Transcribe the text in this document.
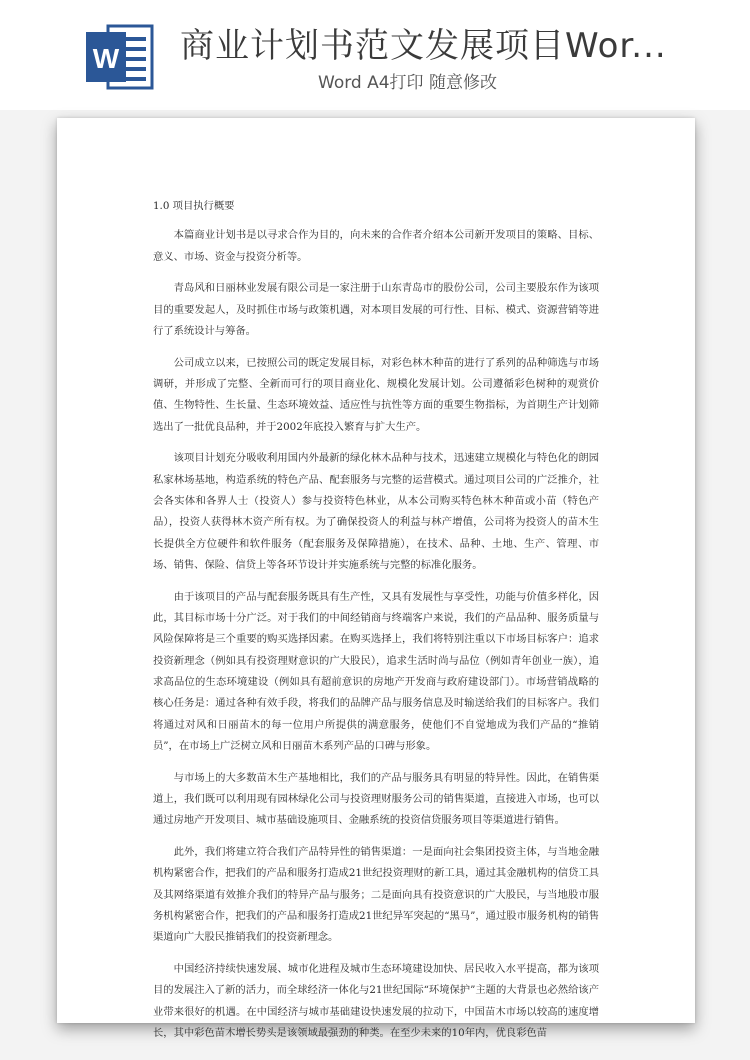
W 商业计划书范文发展项目Wor...
Word A4打印 随意修改
1.0 项目执行概要

本篇商业计划书是以寻求合作为目的，向未来的合作者介绍本公司新开发项目的策略、目标、意义、市场、资金与投资分析等。

青岛风和日丽林业发展有限公司是一家注册于山东青岛市的股份公司，公司主要股东作为该项目的重要发起人，及时抓住市场与政策机遇，对本项目发展的可行性、目标、模式、资源营销等进行了系统设计与筹备。

公司成立以来，已按照公司的既定发展目标，对彩色林木种苗的进行了系列的品种筛选与市场调研，并形成了完整、全新而可行的项目商业化、规模化发展计划。公司遵循彩色树种的观赏价值、生物特性、生长量、生态环境效益、适应性与抗性等方面的重要生物指标，为首期生产计划筛选出了一批优良品种，并于2002年底投入繁育与扩大生产。

该项目计划充分吸收利用国内外最新的绿化林木品种与技术，迅速建立规模化与特色化的朗园私家林场基地，构造系统的特色产品、配套服务与完整的运营模式。通过项目公司的广泛推介，社会各实体和各界人士（投资人）参与投资特色林业，从本公司购买特色林木种苗或小苗（特色产品），投资人获得林木资产所有权。为了确保投资人的利益与林产增值，公司将为投资人的苗木生长提供全方位硬件和软件服务（配套服务及保障措施），在技术、品种、土地、生产、管理、市场、销售、保险、信贷上等各环节设计并实施系统与完整的标准化服务。

由于该项目的产品与配套服务既具有生产性，又具有发展性与享受性，功能与价值多样化，因此，其目标市场十分广泛。对于我们的中间经销商与终端客户来说，我们的产品品种、服务质量与风险保障将是三个重要的购买选择因素。在购买选择上，我们将特别注重以下市场目标客户：追求投资新理念（例如具有投资理财意识的广大股民），追求生活时尚与品位（例如青年创业一族），追求高品位的生态环境建设（例如具有超前意识的房地产开发商与政府建设部门）。市场营销战略的核心任务是：通过各种有效手段，将我们的品牌产品与服务信息及时输送给我们的目标客户。我们将通过对风和日丽苗木的每一位用户所提供的满意服务，使他们不自觉地成为我们产品的“推销员”，在市场上广泛树立风和日丽苗木系列产品的口碑与形象。

与市场上的大多数苗木生产基地相比，我们的产品与服务具有明显的特异性。因此，在销售渠道上，我们既可以利用现有园林绿化公司与投资理财服务公司的销售渠道，直接进入市场，也可以通过房地产开发项目、城市基础设施项目、金融系统的投资信贷服务项目等渠道进行销售。

此外，我们将建立符合我们产品特异性的销售渠道：一是面向社会集团投资主体，与当地金融机构紧密合作，把我们的产品和服务打造成21世纪投资理财的新工具，通过其金融机构的信贷工具及其网络渠道有效推介我们的特异产品与服务；二是面向具有投资意识的广大股民，与当地股市服务机构紧密合作，把我们的产品和服务打造成21世纪异军突起的“黑马”，通过股市服务机构的销售渠道向广大股民推销我们的投资新理念。

中国经济持续快速发展、城市化进程及城市生态环境建设加快、居民收入水平提高，都为该项目的发展注入了新的活力，而全球经济一体化与21世纪国际“环境保护”主题的大背景也必然给该产业带来很好的机遇。在中国经济与城市基础建设快速发展的拉动下，中国苗木市场以较高的速度增长，其中彩色苗木增长势头是该领域最强劲的种类。在至少未来的10年内，优良彩色苗
